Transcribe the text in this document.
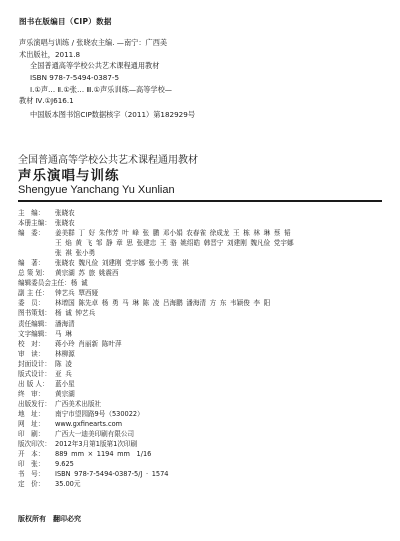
图书在版编目（CIP）数据
声乐演唱与训练 / 张晓农主编. —南宁：广西美
术出版社，2011.8
全国普通高等学校公共艺术课程通用教材
ISBN 978-7-5494-0387-5
Ⅰ.①声… Ⅱ.①张… Ⅲ.①声乐训练—高等学校—
教材 Ⅳ.①J616.1
中国版本图书馆CIP数据核字（2011）第182929号
全国普通高等学校公共艺术课程通用教材
声乐演唱与训练
Shengyue Yanchang Yu Xunlian
主　编：	张晓农
本册主编： 张晓农
编　委：	姜美群 丁 好 朱伟芳 叶 峰 张 鹏 邓小娟 农春雀 徐成龙 王 栋 林 琳 蔡 韬
王 焰 黄 飞 邹 静 章 思 张建忠 王 骆 姚绍皓 韩晋宁 刘建刚 魏凡俭 党宇娜
张 祺 张小勇
编　著：	张晓农 魏凡俭 刘建刚 党宇娜 张小勇 张 祺
总 策 划： 黄宗湖 苏 旅 姚震西
编辑委员会主任： 杨 诚
副 主 任： 钟艺兵 覃西娅
委　员：	林增国 陈先卓 杨 勇 马 琳 陈 凌 吕海鹏 潘海清 方 东 韦颖俊 李 阳
图书策划： 杨 诚 钟艺兵
责任编辑： 潘海清
文字编辑： 马 琳
校　对：	蒋小玲 肖丽新 陈叶萍
审　读：	林柳源
封面设计： 陈 凌
版式设计： 亚 兵
出 版 人： 蓝小星
终　审：	黄宗湖
出版发行： 广西美术出版社
地　址：	南宁市望园路9号（530022）
网　址：	www.gxfinearts.com
印　刷：	广西大一迪美印刷有限公司
版次印次： 2012年3月第1版第1次印刷
开　本：	889 mm × 1194 mm　1/16
印　张：	9.625
书　号：	ISBN 978-7-5494-0387-5/J · 1574
定　价：	35.00元
版权所有　翻印必究
